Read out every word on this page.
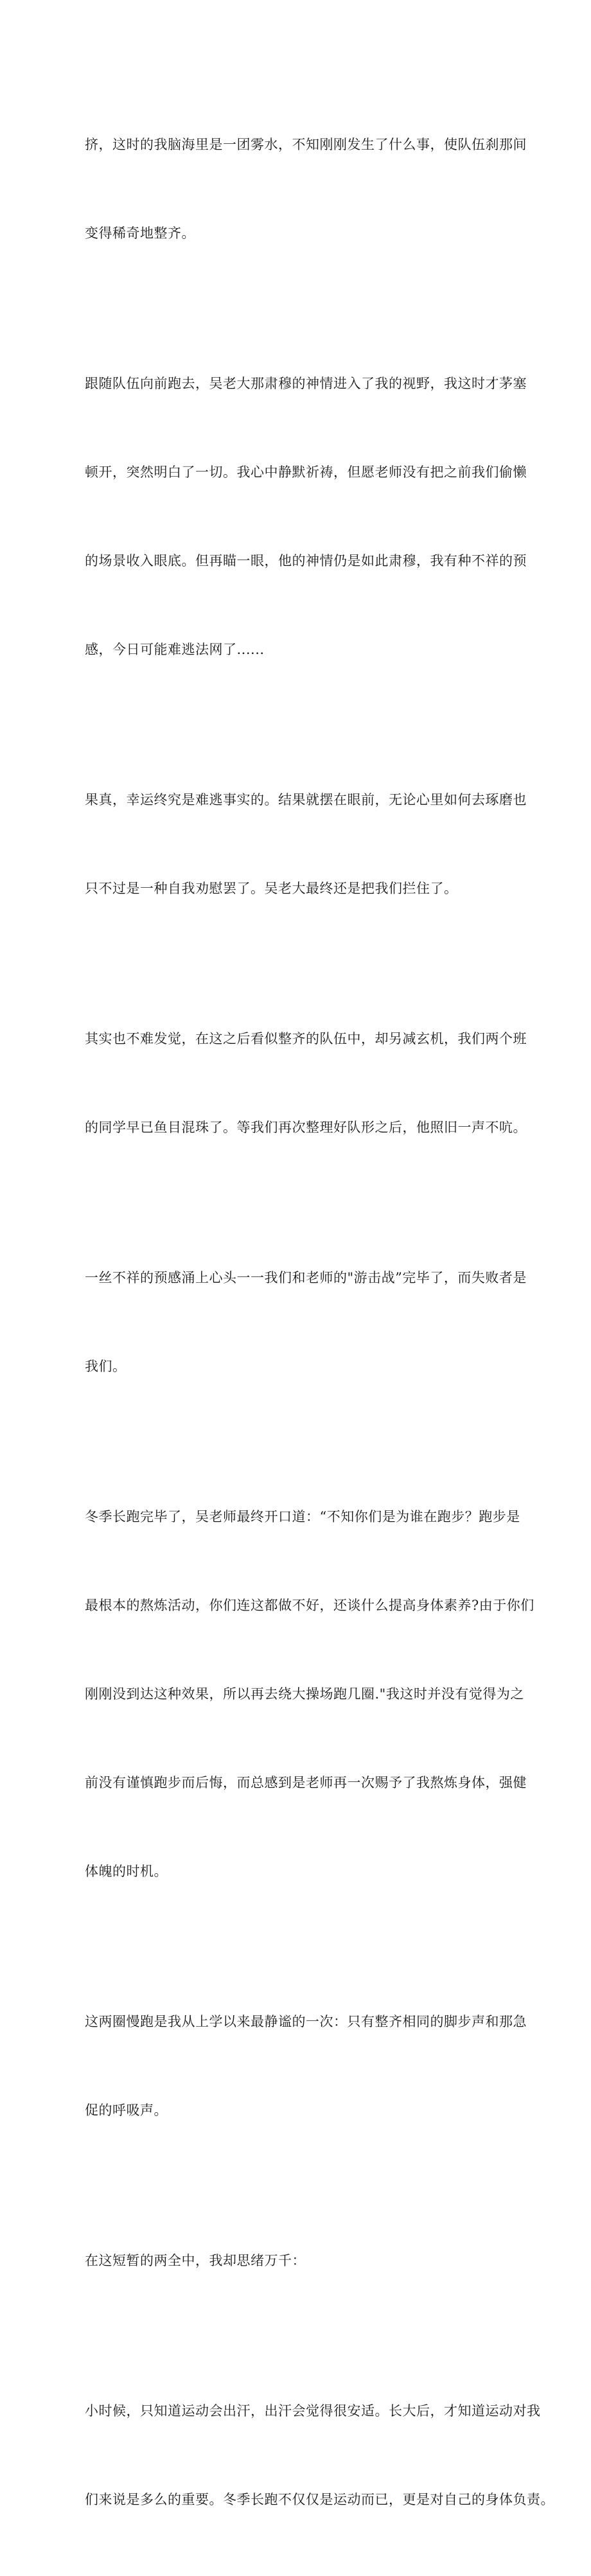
挤，这时的我脑海里是一团雾水，不知刚刚发生了什么事，使队伍刹那间

变得稀奇地整齐。

跟随队伍向前跑去，吴老大那肃穆的神情进入了我的视野，我这时才茅塞

顿开，突然明白了一切。我心中静默祈祷，但愿老师没有把之前我们偷懒

的场景收入眼底。但再瞄一眼，他的神情仍是如此肃穆，我有种不祥的预

感，今日可能难逃法网了......

果真，幸运终究是难逃事实的。结果就摆在眼前，无论心里如何去琢磨也

只不过是一种自我劝慰罢了。吴老大最终还是把我们拦住了。

其实也不难发觉，在这之后看似整齐的队伍中，却另减玄机，我们两个班

的同学早已鱼目混珠了。等我们再次整理好队形之后，他照旧一声不吭。

一丝不祥的预感涌上心头一一我们和老师的"游击战”完毕了，而失败者是

我们。

冬季长跑完毕了，吴老师最终开口道：“不知你们是为谁在跑步？跑步是

最根本的熬炼活动，你们连这都做不好，还谈什么提高身体素养?由于你们

刚刚没到达这种效果，所以再去绕大操场跑几圈."我这时并没有觉得为之

前没有谨慎跑步而后悔，而总感到是老师再一次赐予了我熬炼身体，强健

体魄的时机。

这两圈慢跑是我从上学以来最静谧的一次：只有整齐相同的脚步声和那急

促的呼吸声。

在这短暂的两全中，我却思绪万千：

小时候，只知道运动会出汗，出汗会觉得很安适。长大后，才知道运动对我

们来说是多么的重要。冬季长跑不仅仅是运动而已，更是对自己的身体负责。
